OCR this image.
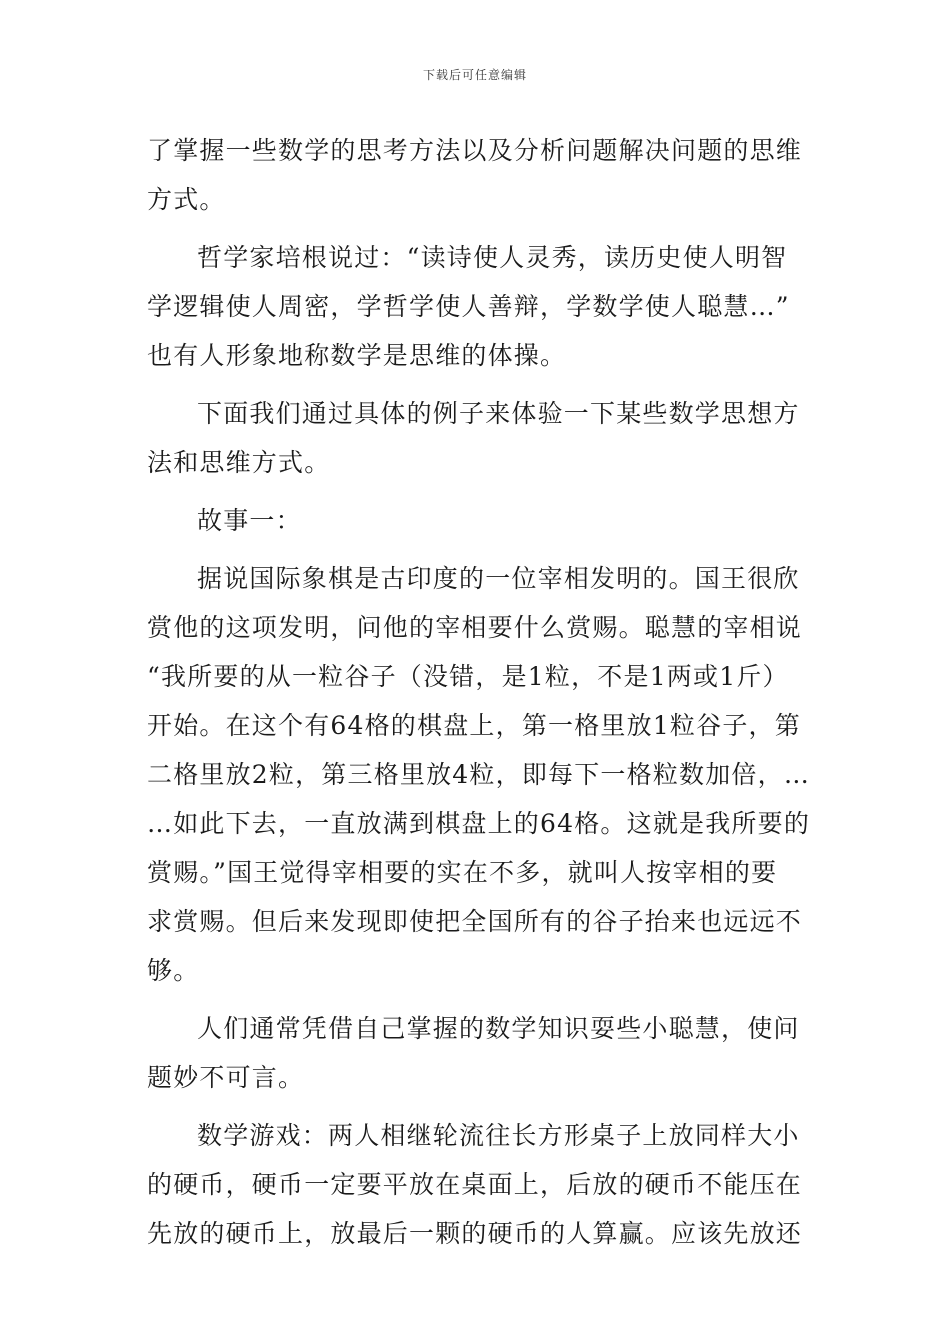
下载后可任意编辑
了掌握一些数学的思考方法以及分析问题解决问题的思维
方式。
哲学家培根说过：“读诗使人灵秀，读历史使人明智
学逻辑使人周密，学哲学使人善辩，学数学使人聪慧…”
也有人形象地称数学是思维的体操。
下面我们通过具体的例子来体验一下某些数学思想方
法和思维方式。
故事一：
据说国际象棋是古印度的一位宰相发明的。国王很欣
赏他的这项发明，问他的宰相要什么赏赐。聪慧的宰相说
“我所要的从一粒谷子（没错，是1粒，不是1两或1斤）
开始。在这个有64格的棋盘上，第一格里放1粒谷子，第
二格里放2粒，第三格里放4粒，即每下一格粒数加倍，…
…如此下去，一直放满到棋盘上的64格。这就是我所要的
赏赐。”国王觉得宰相要的实在不多，就叫人按宰相的要
求赏赐。但后来发现即使把全国所有的谷子抬来也远远不
够。
人们通常凭借自己掌握的数学知识耍些小聪慧，使问
题妙不可言。
数学游戏：两人相继轮流往长方形桌子上放同样大小
的硬币，硬币一定要平放在桌面上，后放的硬币不能压在
先放的硬币上，放最后一颗的硬币的人算赢。应该先放还
